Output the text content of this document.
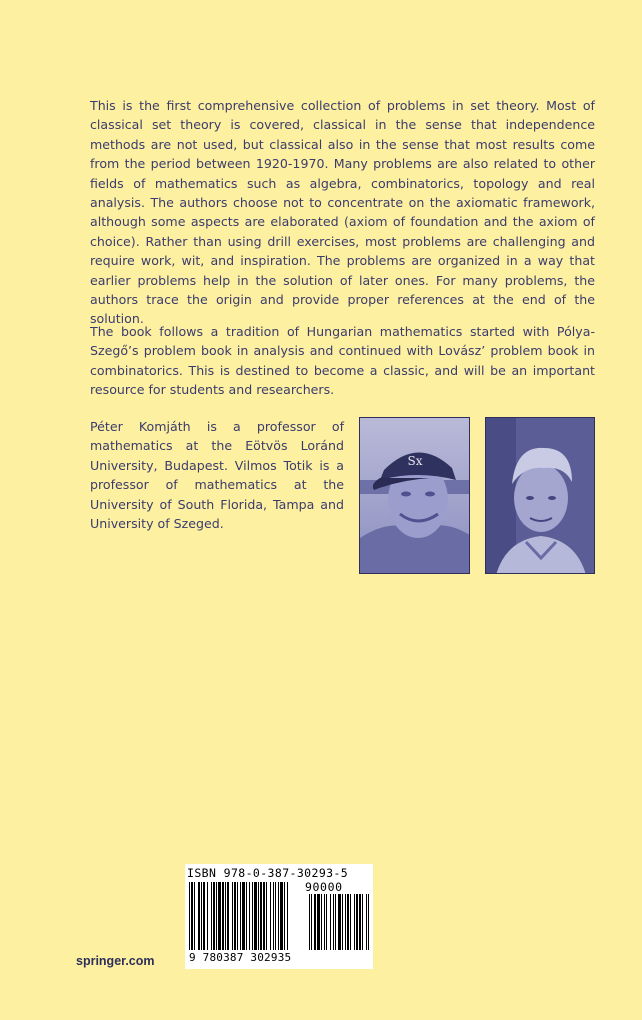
This is the first comprehensive collection of problems in set theory. Most of classical set theory is covered, classical in the sense that independence methods are not used, but classical also in the sense that most results come from the period between 1920-1970. Many problems are also related to other fields of mathematics such as algebra, combinatorics, topology and real analysis. The authors choose not to concentrate on the axiomatic framework, although some aspects are elaborated (axiom of foundation and the axiom of choice). Rather than using drill exercises, most problems are challenging and require work, wit, and inspiration. The problems are organized in a way that earlier problems help in the solution of later ones. For many problems, the authors trace the origin and provide proper references at the end of the solution.

The book follows a tradition of Hungarian mathematics started with Pólya-Szegő’s problem book in analysis and continued with Lovász’ problem book in combinatorics. This is destined to become a classic, and will be an important resource for students and researchers.

Péter Komjáth is a professor of mathematics at the Eötvös Loránd University, Budapest. Vilmos Totik is a professor of mathematics at the University of South Florida, Tampa and University of Szeged.

Sx
ISBN 978-0-387-30293-5
90000
9 780387 302935
springer.com
